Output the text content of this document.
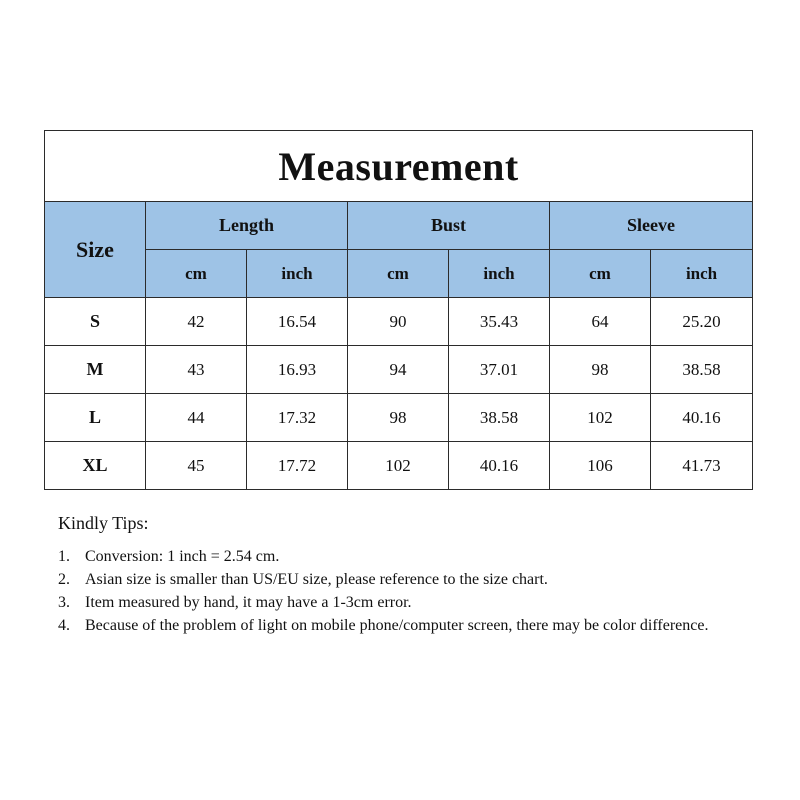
Measurement						
Size	Length		Bust		Sleeve	
	cm	inch	cm	inch	cm	inch
S	42	16.54	90	35.43	64	25.20
M	43	16.93	94	37.01	98	38.58
L	44	17.32	98	38.58	102	40.16
XL	45	17.72	102	40.16	106	41.73
Kindly Tips:
1. Conversion: 1 inch = 2.54 cm.
2. Asian size is smaller than US/EU size, please reference to the size chart.
3. Item measured by hand, it may have a 1-3cm error.
4. Because of the problem of light on mobile phone/computer screen, there may be color difference.
